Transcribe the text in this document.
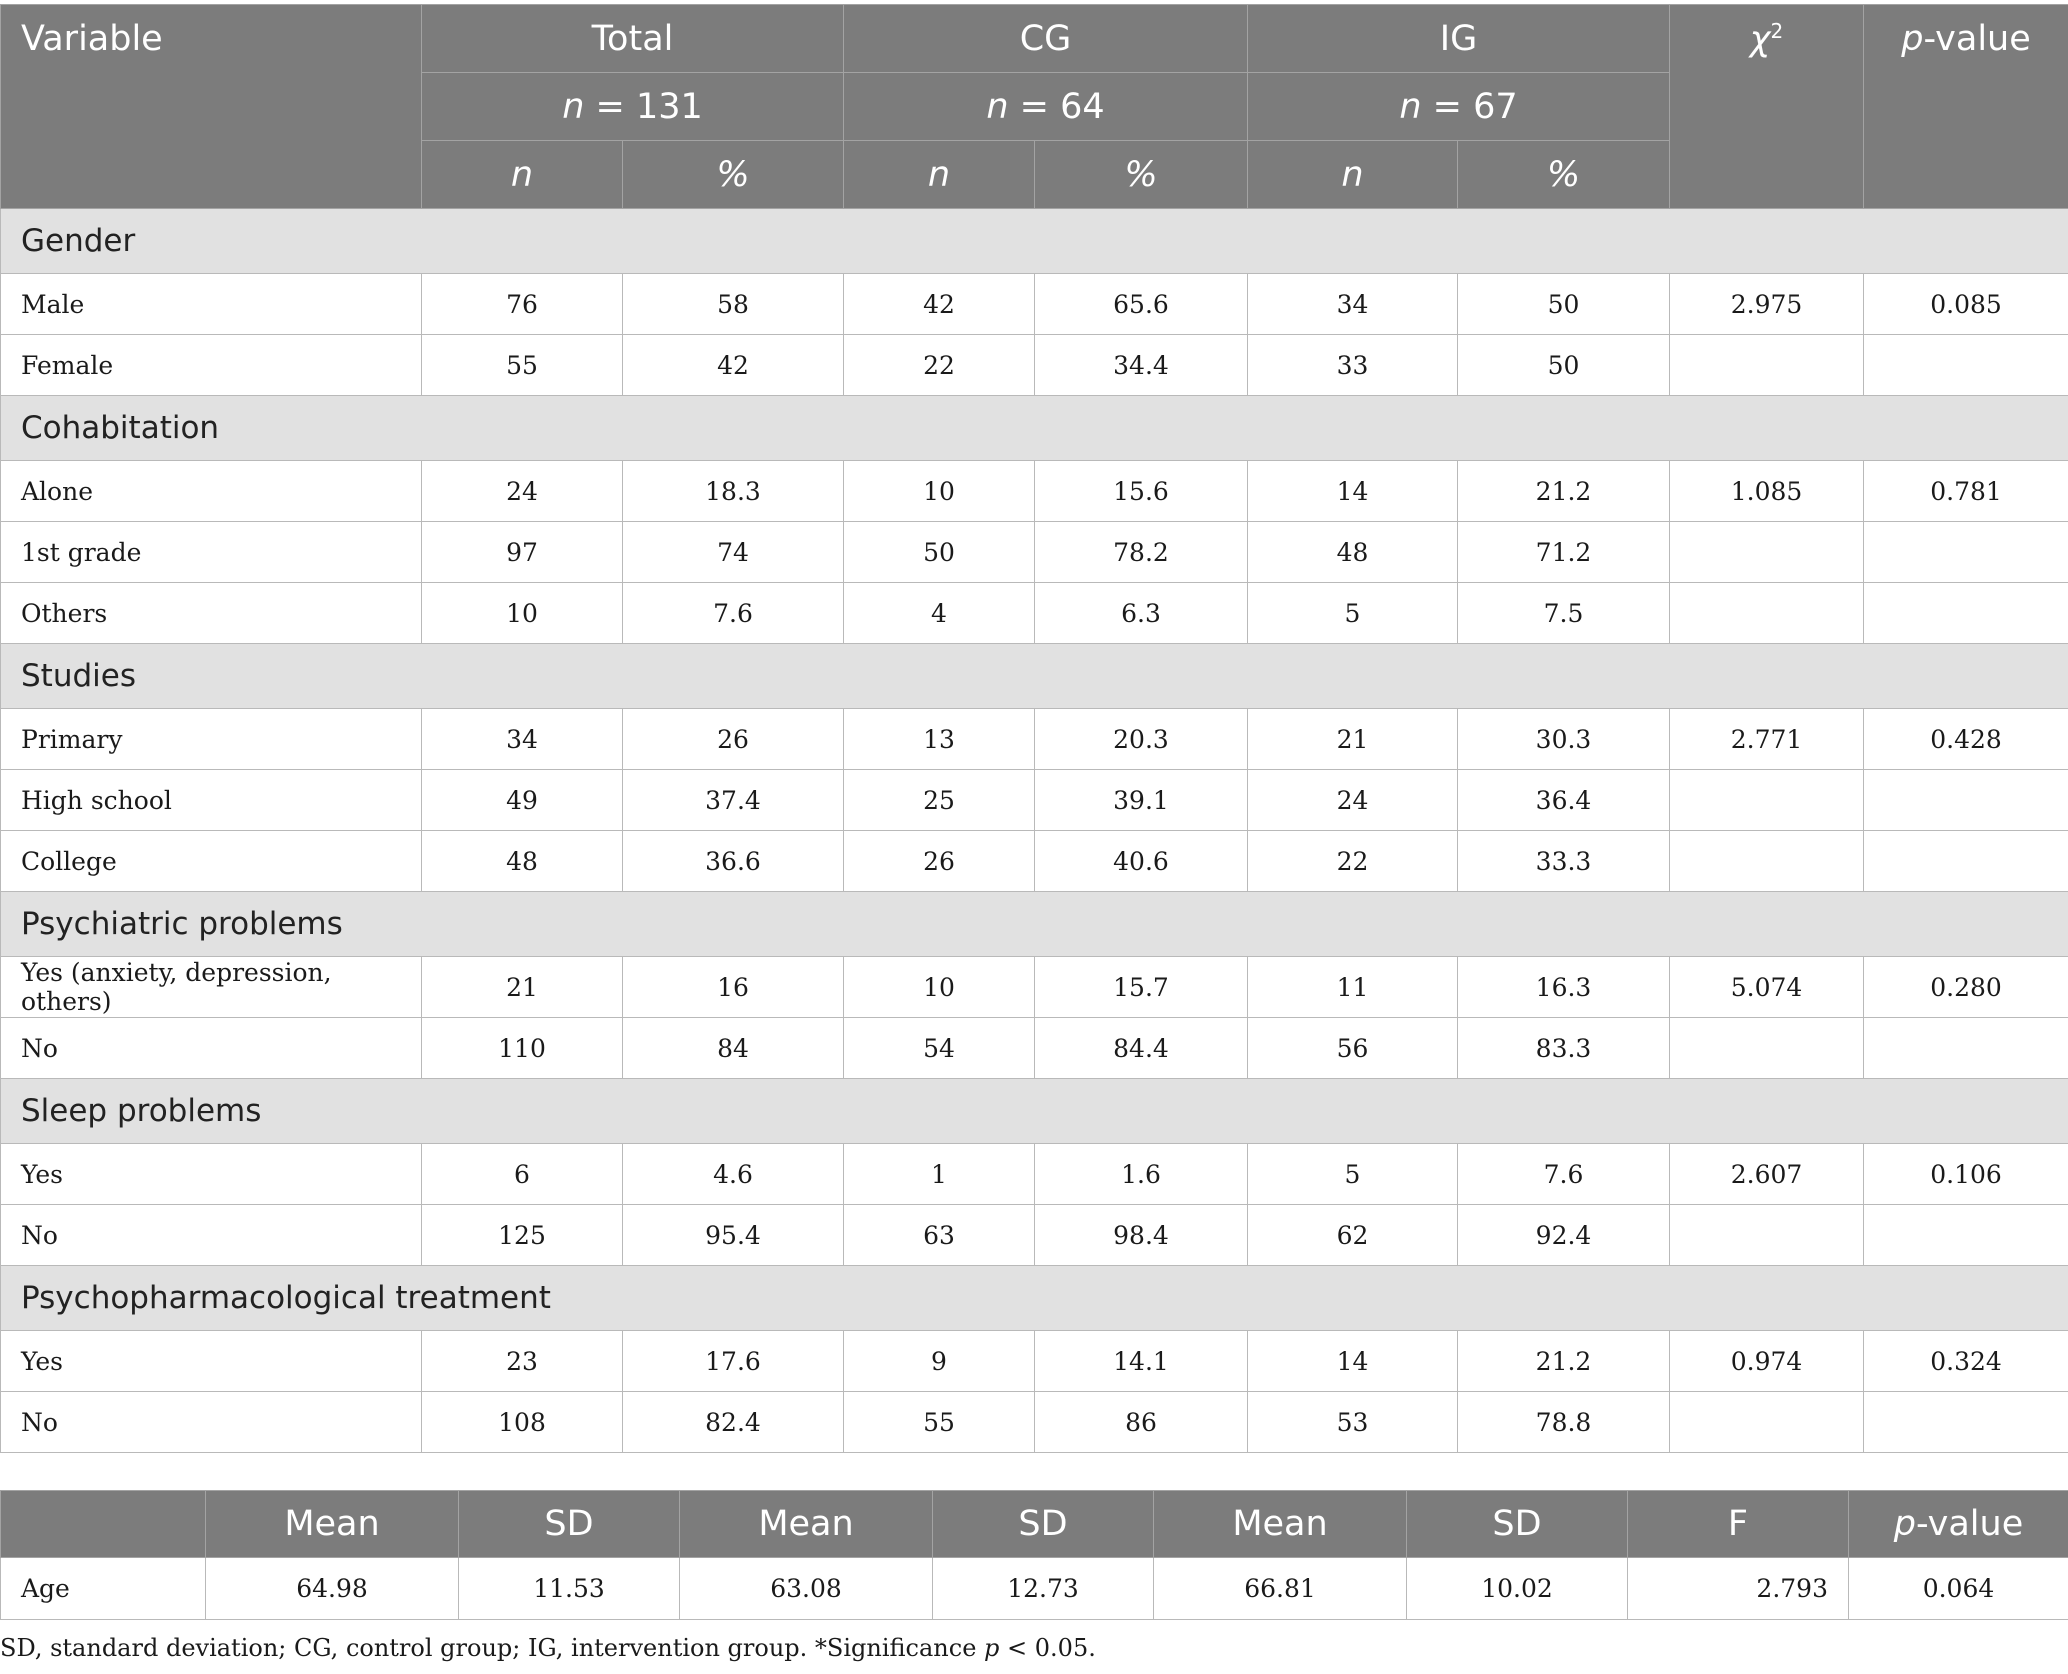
Variable	Total		CG		IG		$\chi^2$	p-value
	n = 131		n = 64		n = 67			
	n	%	n	%	n	%		
Gender								
Male	76	58	42	65.6	34	50	2.975	0.085
Female	55	42	22	34.4	33	50		
Cohabitation								
Alone	24	18.3	10	15.6	14	21.2	1.085	0.781
1st grade	97	74	50	78.2	48	71.2		
Others	10	7.6	4	6.3	5	7.5		
Studies								
Primary	34	26	13	20.3	21	30.3	2.771	0.428
High school	49	37.4	25	39.1	24	36.4		
College	48	36.6	26	40.6	22	33.3		
Psychiatric problems								
Yes (anxiety, depression, others)	21	16	10	15.7	11	16.3	5.074	0.280
No	110	84	54	84.4	56	83.3		
Sleep problems								
Yes	6	4.6	1	1.6	5	7.6	2.607	0.106
No	125	95.4	63	98.4	62	92.4		
Psychopharmacological treatment								
Yes	23	17.6	9	14.1	14	21.2	0.974	0.324
No	108	82.4	55	86	53	78.8		
	Mean	SD	Mean	SD	Mean	SD	F	p-value
Age	64.98	11.53	63.08	12.73	66.81	10.02	2.793	0.064
SD, standard deviation; CG, control group; IG, intervention group. *Significance p < 0.05.
